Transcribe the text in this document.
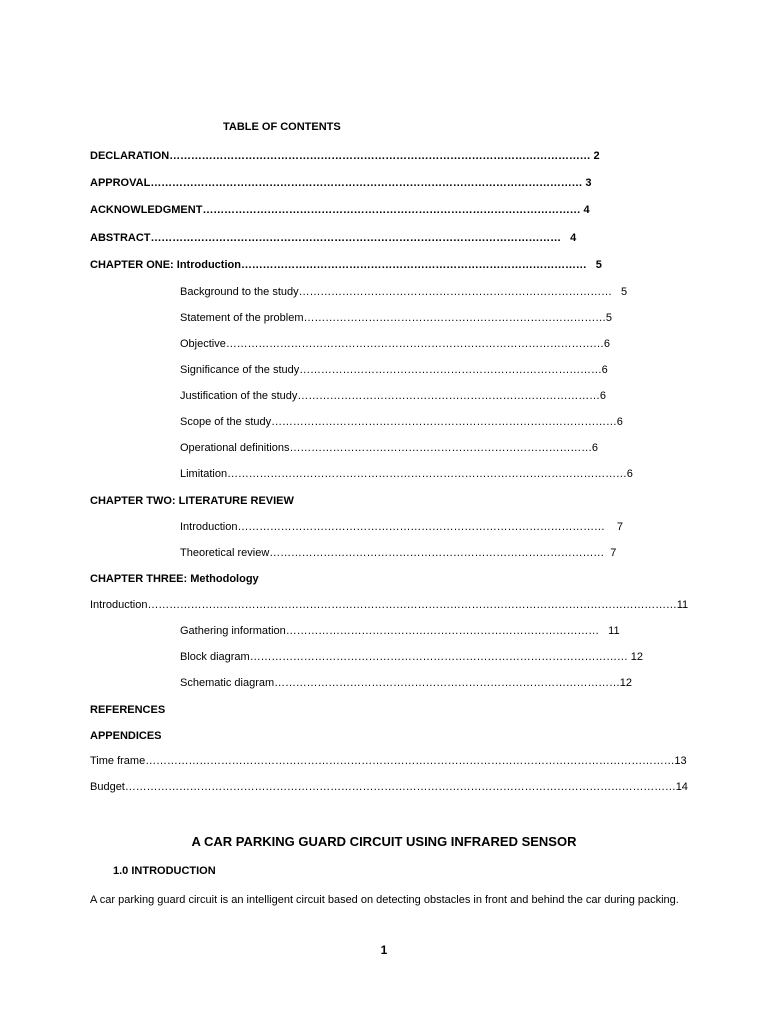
TABLE OF CONTENTS
DECLARATION ……………………………………………………………………………………………………… 2
APPROVAL ………………………………………………………………………………………………………… 3
ACKNOWLEDGMENT …………………………………………………………………………………………… 4
ABSTRACT …………………………………………………………………………………………………… 4
CHAPTER ONE: Introduction …………………………………………………………………………………… 5
Background to the study …………………………………………………………………………… 5
Statement of the problem ………………………………………………………………………… 5
Objective …………………………………………………………………………………………… 6
Significance of the study ………………………………………………………………………… 6
Justification of the study ………………………………………………………………………… 6
Scope of the study …………………………………………………………………………………… 6
Operational definitions ………………………………………………………………………… 6
Limitation ………………………………………………………………………………………………… 6
CHAPTER TWO: LITERATURE REVIEW
Introduction ………………………………………………………………………………………… 7
Theoretical review ………………………………………………………………………………… 7
CHAPTER THREE: Methodology
Introduction ………………………………………………………………………………………………………………………………… 11
Gathering information …………………………………………………………………………… 11
Block diagram …………………………………………………………………………………………… 12
Schematic diagram …………………………………………………………………………………… 12
REFERENCES
APPENDICES
Time frame ………………………………………………………………………………………………………………………………… 13
Budget ……………………………………………………………………………………………………………………………………… 14
A CAR PARKING GUARD CIRCUIT USING INFRARED SENSOR
1.0 INTRODUCTION
A car parking guard circuit is an intelligent circuit based on detecting obstacles in front and behind the car during packing.
1
